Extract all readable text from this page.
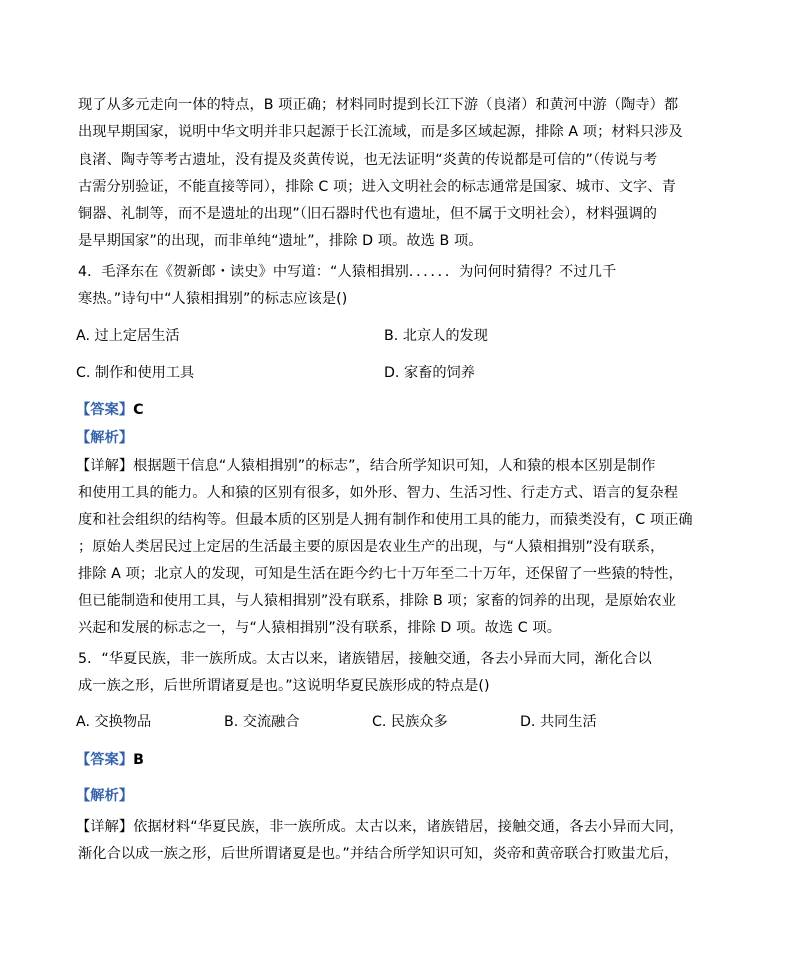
现了从多元走向一体的特点，B 项正确；材料同时提到长江下游（良渚）和黄河中游（陶寺）都
出现早期国家，说明中华文明并非只起源于长江流域，而是多区域起源，排除 A 项；材料只涉及
良渚、陶寺等考古遗址，没有提及炎黄传说，也无法证明“炎黄的传说都是可信的”（传说与考
古需分别验证，不能直接等同），排除 C 项；进入文明社会的标志通常是国家、城市、文字、青
铜器、礼制等，而不是遗址的出现”（旧石器时代也有遗址，但不属于文明社会），材料强调的
是早期国家”的出现，而非单纯“遗址”，排除 D 项。故选 B 项。
4．毛泽东在《贺新郎・读史》中写道：“人猿相揖别．．．．．．为问何时猜得？不过几千
寒热。”诗句中“人猿相揖别”的标志应该是()
A. 过上定居生活	B. 北京人的发现
C. 制作和使用工具	D. 家畜的饲养
【答案】C
【解析】
【详解】根据题干信息“人猿相揖别”的标志”，结合所学知识可知，人和猿的根本区别是制作
和使用工具的能力。人和猿的区别有很多，如外形、智力、生活习性、行走方式、语言的复杂程
度和社会组织的结构等。但最本质的区别是人拥有制作和使用工具的能力，而猿类没有，C 项正确
；原始人类居民过上定居的生活最主要的原因是农业生产的出现，与“人猿相揖别”没有联系，
排除 A 项；北京人的发现，可知是生活在距今约七十万年至二十万年，还保留了一些猿的特性，
但已能制造和使用工具，与人猿相揖别”没有联系，排除 B 项；家畜的饲养的出现，是原始农业
兴起和发展的标志之一，与“人猿相揖别”没有联系，排除 D 项。故选 C 项。
5．“华夏民族，非一族所成。太古以来，诸族错居，接触交通，各去小异而大同，渐化合以
成一族之形，后世所谓诸夏是也。”这说明华夏民族形成的特点是()
A. 交换物品	B. 交流融合	C. 民族众多	D. 共同生活
【答案】B
【解析】
【详解】依据材料“华夏民族，非一族所成。太古以来，诸族错居，接触交通，各去小异而大同，
渐化合以成一族之形，后世所谓诸夏是也。”并结合所学知识可知，炎帝和黄帝联合打败蚩尤后，
